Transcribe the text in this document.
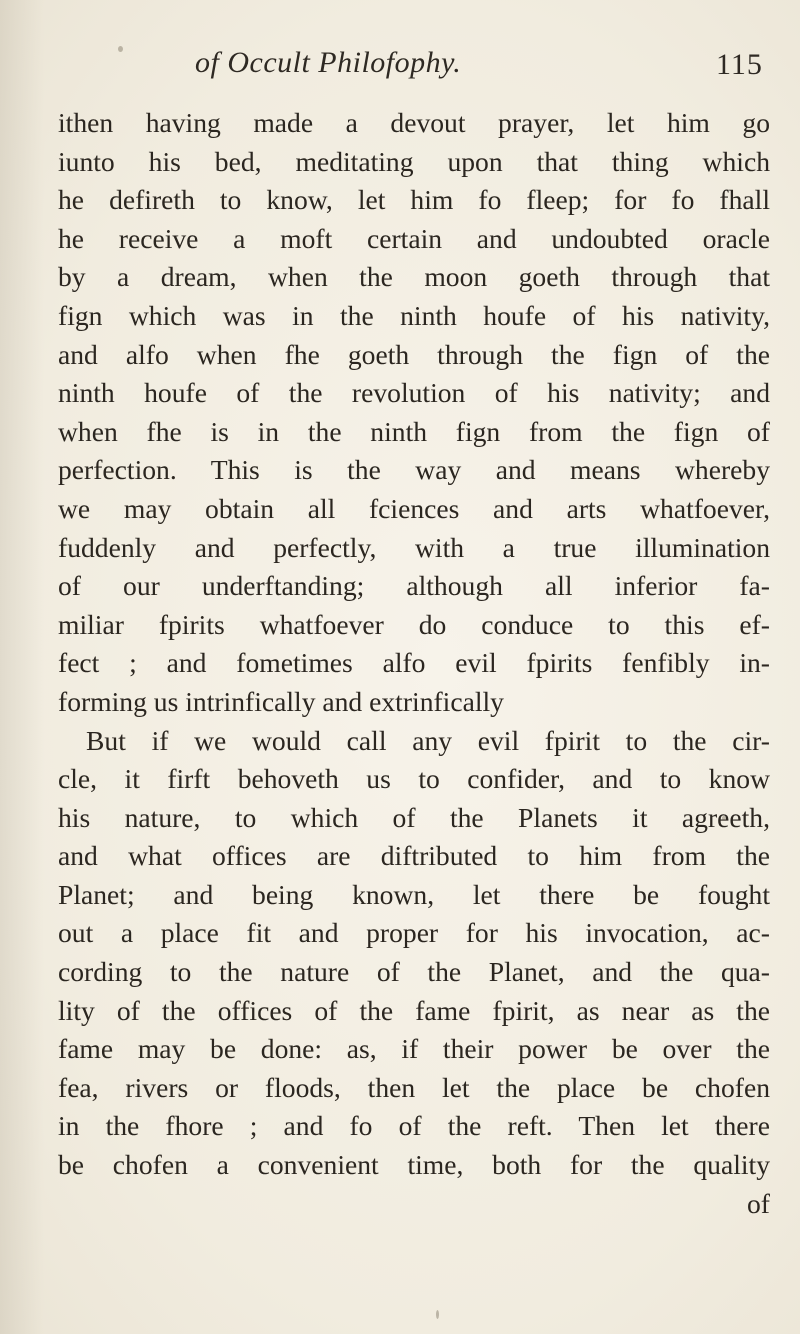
of Occult Philofophy.	115
ithen having made a devout prayer, let him go
iunto his bed, meditating upon that thing which
he defireth to know, let him fo fleep; for fo fhall
he receive a moft certain and undoubted oracle
by a dream, when the moon goeth through that
fign which was in the ninth houfe of his nativity,
and alfo when fhe goeth through the fign of the
ninth houfe of the revolution of his nativity; and
when fhe is in the ninth fign from the fign of
perfection. This is the way and means whereby
we may obtain all fciences and arts whatfoever,
fuddenly and perfectly, with a true illumination
of our underftanding; although all inferior fa-
miliar fpirits whatfoever do conduce to this ef-
fect ; and fometimes alfo evil fpirits fenfibly in-
forming us intrinfically and extrinfically
But if we would call any evil fpirit to the cir-
cle, it firft behoveth us to confider, and to know
his nature, to which of the Planets it agreeth,
and what offices are diftributed to him from the
Planet; and being known, let there be fought
out a place fit and proper for his invocation, ac-
cording to the nature of the Planet, and the qua-
lity of the offices of the fame fpirit, as near as the
fame may be done: as, if their power be over the
fea, rivers or floods, then let the place be chofen
in the fhore ; and fo of the reft. Then let there
be chofen a convenient time, both for the quality
of
